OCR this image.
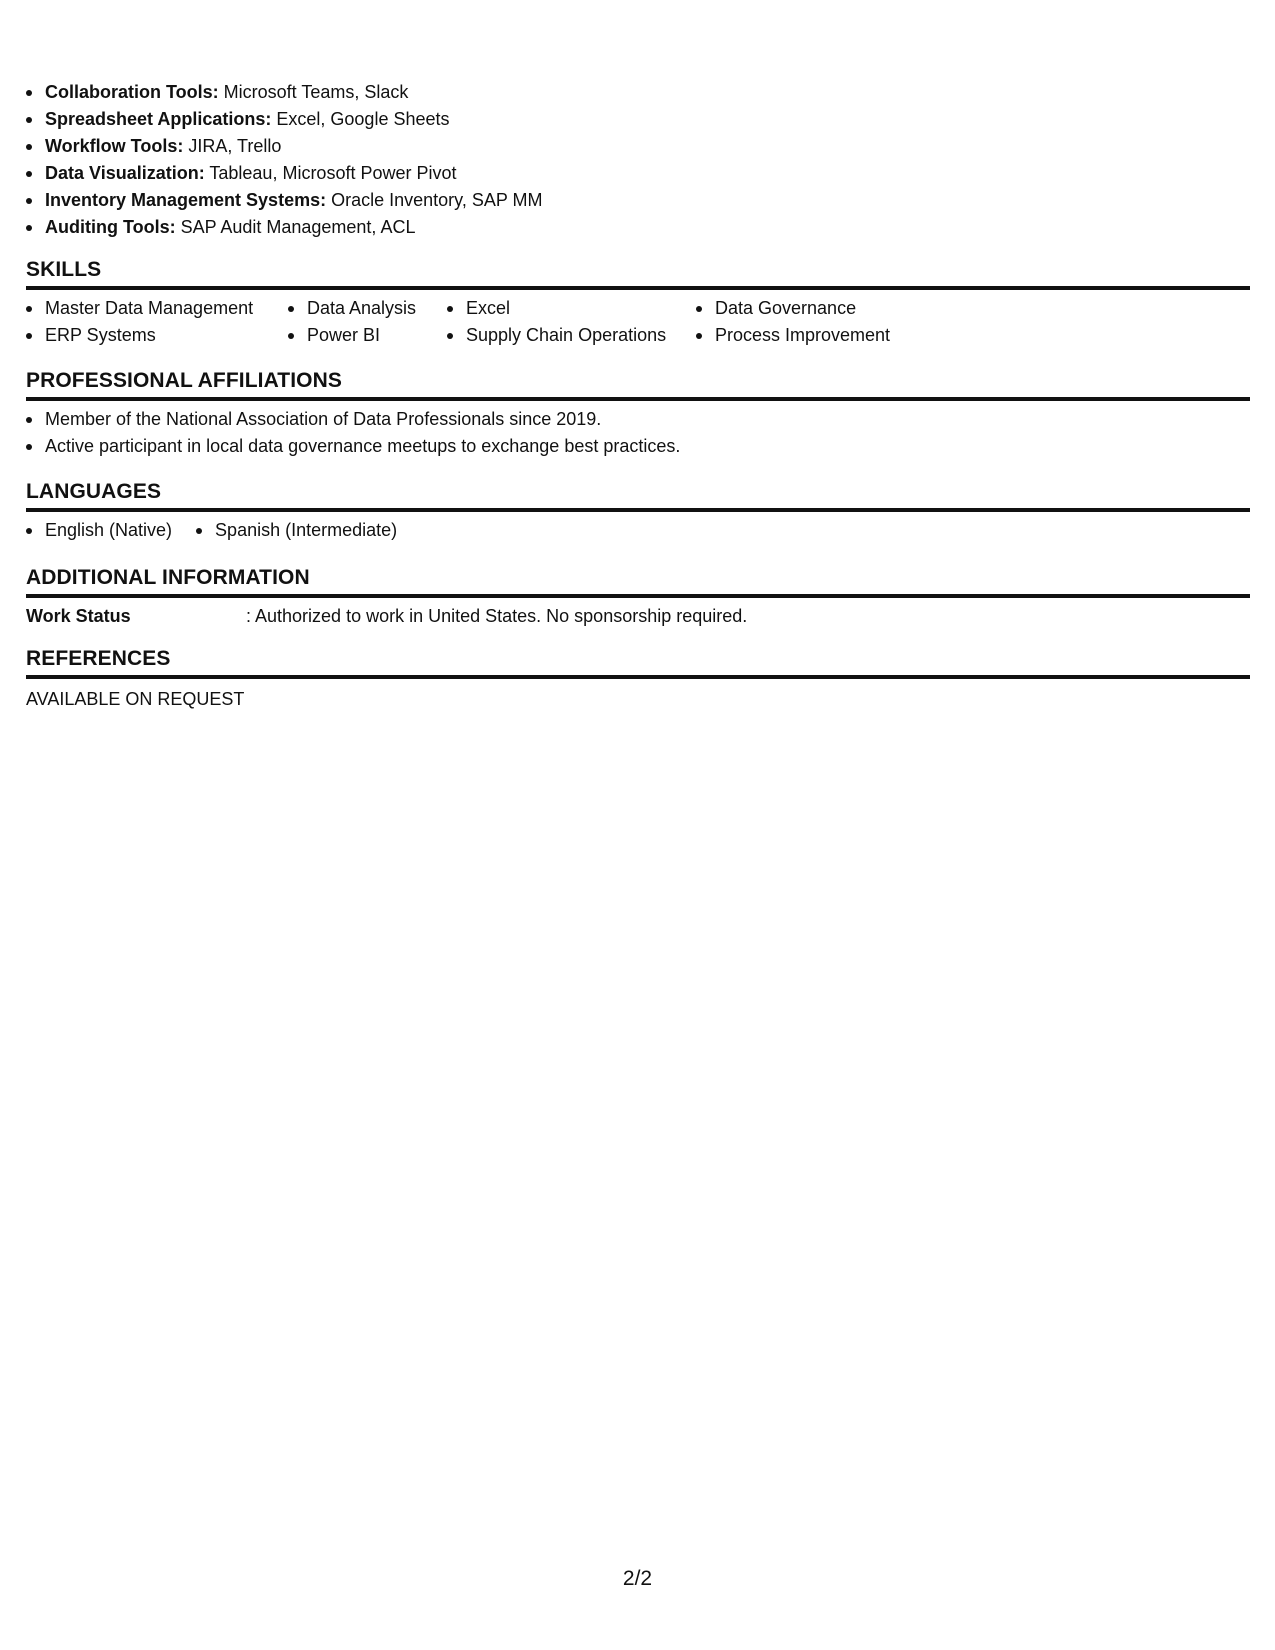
Collaboration Tools: Microsoft Teams, Slack
Spreadsheet Applications: Excel, Google Sheets
Workflow Tools: JIRA, Trello
Data Visualization: Tableau, Microsoft Power Pivot
Inventory Management Systems: Oracle Inventory, SAP MM
Auditing Tools: SAP Audit Management, ACL
SKILLS
Master Data Management
ERP Systems
Data Analysis
Power BI
Excel
Supply Chain Operations
Data Governance
Process Improvement
PROFESSIONAL AFFILIATIONS
Member of the National Association of Data Professionals since 2019.
Active participant in local data governance meetups to exchange best practices.
LANGUAGES
English (Native)	Spanish (Intermediate)
ADDITIONAL INFORMATION
Work Status	: Authorized to work in United States. No sponsorship required.
REFERENCES
AVAILABLE ON REQUEST
2/2
